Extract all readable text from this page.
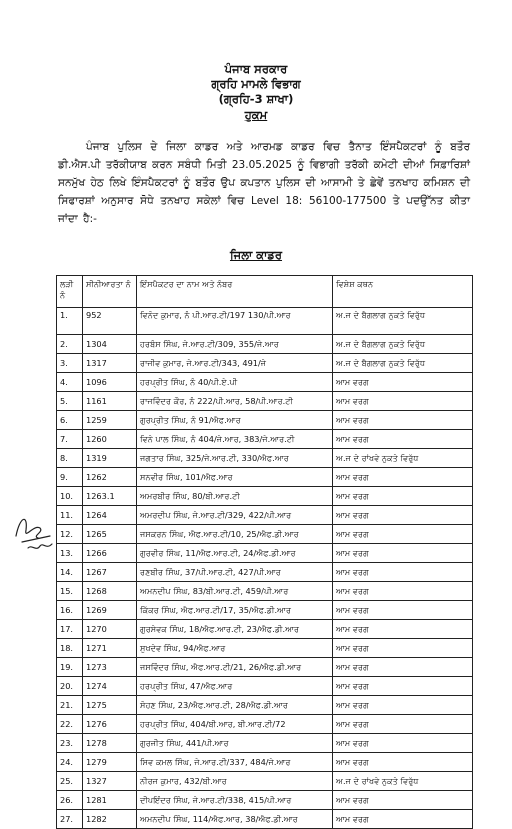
ਪੰਜਾਬ ਸਰਕਾਰ
ਗ੍ਰਹਿ ਮਾਮਲੇ ਵਿਭਾਗ
(ਗ੍ਰਹਿ-3 ਸ਼ਾਖਾ)
ਹੁਕਮ
ਪੰਜਾਬ ਪੁਲਿਸ ਦੇ ਜਿਲਾ ਕਾਡਰ ਅਤੇ ਆਰਮਡ ਕਾਡਰ ਵਿਚ ਤੈਨਾਤ ਇੰਸਪੈਕਟਰਾਂ ਨੂੰ ਬਤੌਰ ਡੀ.ਐਸ.ਪੀ ਤਰੱਕੀਯਾਬ ਕਰਨ ਸਬੰਧੀ ਮਿਤੀ 23.05.2025 ਨੂੰ ਵਿਭਾਗੀ ਤਰੱਕੀ ਕਮੇਟੀ ਦੀਆਂ ਸਿਫ਼ਾਰਿਸ਼ਾਂ ਸਨਮੁੱਖ ਹੇਠ ਲਿਖੇ ਇੰਸਪੈਕਟਰਾਂ ਨੂੰ ਬਤੌਰ ਉਪ ਕਪਤਾਨ ਪੁਲਿਸ ਦੀ ਆਸਾਮੀ ਤੇ ਛੇਵੇਂ ਤਨਖਾਹ ਕਮਿਸ਼ਨ ਦੀ ਸਿਫਾਰਸ਼ਾਂ ਅਨੁਸਾਰ ਸੋਧੇ ਤਨਖਾਹ ਸਕੇਲਾਂ ਵਿਚ Level 18: 56100-177500 ਤੇ ਪਦਉੱਨਤ ਕੀਤਾ ਜਾਂਦਾ ਹੈ:-
ਜਿਲਾ ਕਾਡਰ
ਲੜੀ ਨੰ	ਸੀਨੀਆਰਤਾ ਨੰ	ਇੰਸਪੈਕਟਰ ਦਾ ਨਾਮ ਅਤੇ ਨੰਬਰ	ਵਿਸ਼ੇਸ਼ ਕਥਨ
1.	952	ਵਿਨੋਦ ਕੁਮਾਰ, ਨੰ ਪੀ.ਆਰ.ਟੀ/197 130/ਪੀ.ਆਰ	ਅ.ਜ ਦੇ ਬੈਗਲਾਗ ਨੁਕਤੇ ਵਿਰੁੱਧ
2.	1304	ਹਰਬੰਸ ਸਿੰਘ, ਜੇ.ਆਰ.ਟੀ/309, 355/ਜੇ.ਆਰ	ਅ.ਜ ਦੇ ਬੈਗਲਾਗ ਨੁਕਤੇ ਵਿਰੁੱਧ
3.	1317	ਰਾਜੀਵ ਕੁਮਾਰ, ਜੇ.ਆਰ.ਟੀ/343, 491/ਜੇ	ਅ.ਜ ਦੇ ਬੈਗਲਾਗ ਨੁਕਤੇ ਵਿਰੁੱਧ
4.	1096	ਹਰਪ੍ਰੀਤ ਸਿੰਘ, ਨੰ 40/ਪੀ.ਏ.ਪੀ	ਆਮ ਵਰਗ
5.	1161	ਰਾਜਵਿੰਦਰ ਕੌਰ, ਨੰ 222/ਪੀ.ਆਰ, 58/ਪੀ.ਆਰ.ਟੀ	ਆਮ ਵਰਗ
6.	1259	ਗੁਰਪ੍ਰੀਤ ਸਿੰਘ, ਨੰ 91/ਐਫ.ਆਰ	ਆਮ ਵਰਗ
7.	1260	ਵਿਨੇ ਪਾਲ ਸਿੰਘ, ਨੰ 404/ਜੇ.ਆਰ, 383/ਜੇ.ਆਰ.ਟੀ	ਆਮ ਵਰਗ
8.	1319	ਜਗਤਾਰ ਸਿੰਘ, 325/ਜੇ.ਆਰ.ਟੀ, 330/ਐਫ.ਆਰ	ਅ.ਜ ਦੇ ਰਾਂਖਵੇ ਨੁਕਤੇ ਵਿਰੁੱਧ
9.	1262	ਸਨਵੀਰ ਸਿੰਘ, 101/ਐਫ.ਆਰ	ਆਮ ਵਰਗ
10.	1263.1	ਅਮਰਬੀਰ ਸਿੰਘ, 80/ਬੀ.ਆਰ.ਟੀ	ਆਮ ਵਰਗ
11.	1264	ਅਮਰਦੀਪ ਸਿੰਘ, ਜੇ.ਆਰ.ਟੀ/329, 422/ਪੀ.ਆਰ	ਆਮ ਵਰਗ
12.	1265	ਜਸਕਰਨ ਸਿੰਘ, ਐਫ.ਆਰ.ਟੀ/10, 25/ਐਫ.ਡੀ.ਆਰ	ਆਮ ਵਰਗ
13.	1266	ਗੁਰਵੀਰ ਸਿੰਘ, 11/ਐਫ.ਆਰ.ਟੀ, 24/ਐਫ.ਡੀ.ਆਰ	ਆਮ ਵਰਗ
14.	1267	ਰਣਬੀਰ ਸਿੰਘ, 37/ਪੀ.ਆਰ.ਟੀ, 427/ਪੀ.ਆਰ	ਆਮ ਵਰਗ
15.	1268	ਅਮਨਦੀਪ ਸਿੰਘ, 83/ਬੀ.ਆਰ.ਟੀ, 459/ਪੀ.ਆਰ	ਆਮ ਵਰਗ
16.	1269	ਕਿੱਕਰ ਸਿੰਘ, ਐਫ.ਆਰ.ਟੀ/17, 35/ਐਫ.ਡੀ.ਆਰ	ਆਮ ਵਰਗ
17.	1270	ਗੁਰਸੇਵਕ ਸਿੰਘ, 18/ਐਫ.ਆਰ.ਟੀ, 23/ਐਫ.ਡੀ.ਆਰ	ਆਮ ਵਰਗ
18.	1271	ਸੁਖਦੇਵ ਸਿੰਘ, 94/ਐਫ.ਆਰ	ਆਮ ਵਰਗ
19.	1273	ਜਸਵਿੰਦਰ ਸਿੰਘ, ਐਫ.ਆਰ.ਟੀ/21, 26/ਐਫ.ਡੀ.ਆਰ	ਆਮ ਵਰਗ
20.	1274	ਹਰਪ੍ਰੀਤ ਸਿੰਘ, 47/ਐਫ.ਆਰ	ਆਮ ਵਰਗ
21.	1275	ਸੋਹਣ ਸਿੰਘ, 23/ਐਫ.ਆਰ.ਟੀ, 28/ਐਫ.ਡੀ.ਆਰ	ਆਮ ਵਰਗ
22.	1276	ਹਰਪ੍ਰੀਤ ਸਿੰਘ, 404/ਬੀ.ਆਰ, ਬੀ.ਆਰ.ਟੀ/72	ਆਮ ਵਰਗ
23.	1278	ਗੁਰਜੀਤ ਸਿੰਘ, 441/ਪੀ.ਆਰ	ਆਮ ਵਰਗ
24.	1279	ਸਿਵ ਕਮਲ ਸਿੰਘ, ਜੇ.ਆਰ.ਟੀ/337, 484/ਜੇ.ਆਰ	ਆਮ ਵਰਗ
25.	1327	ਨੀਰਜ ਕੁਮਾਰ, 432/ਬੀ.ਆਰ	ਅ.ਜ ਦੇ ਰਾਂਖਵੇ ਨੁਕਤੇ ਵਿਰੁੱਧ
26.	1281	ਦੀਪਇੰਦਰ ਸਿੰਘ, ਜੇ.ਆਰ.ਟੀ/338, 415/ਪੀ.ਆਰ	ਆਮ ਵਰਗ
27.	1282	ਅਮਨਦੀਪ ਸਿੰਘ, 114/ਐਫ.ਆਰ, 38/ਐਫ.ਡੀ.ਆਰ	ਆਮ ਵਰਗ
